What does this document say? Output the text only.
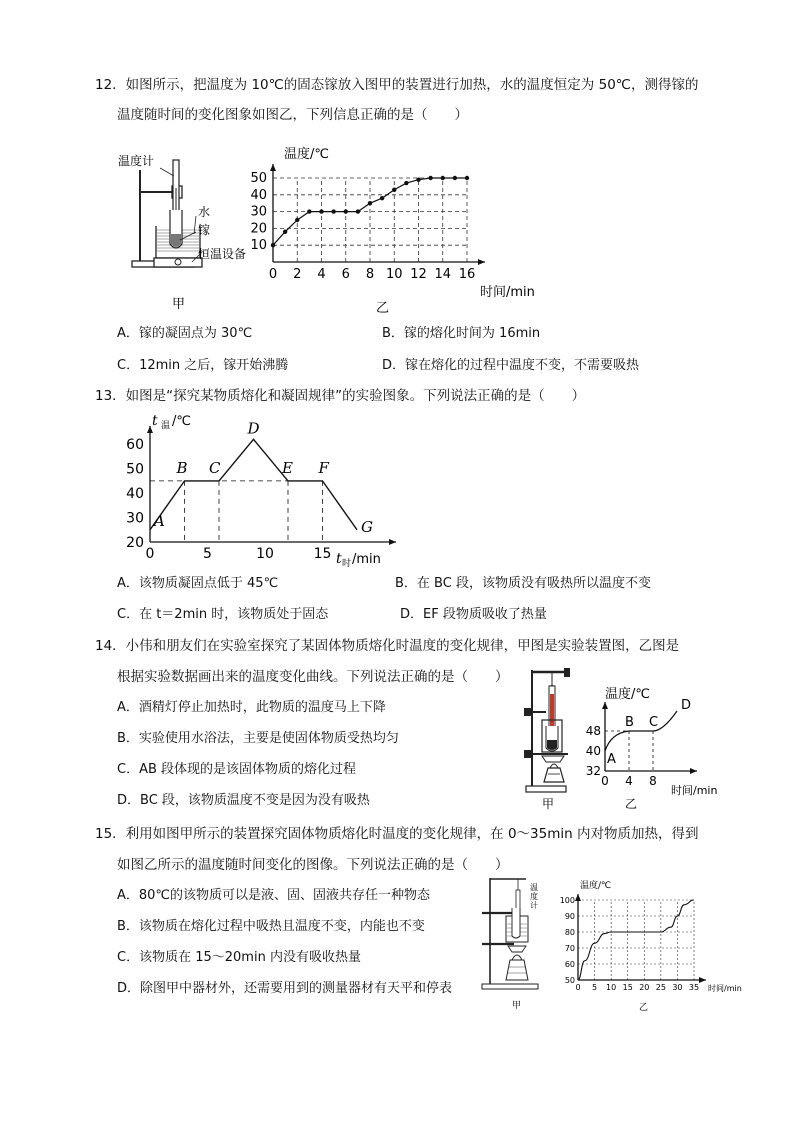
12．如图所示，把温度为 10℃的固态镓放入图甲的装置进行加热，水的温度恒定为 50℃，测得镓的
温度随时间的变化图象如图乙，下列信息正确的是（　　）
温度计
水
镓
恒温设备
甲
温度/℃
时间/min
乙
10
20
30
40
50
0 2 4 6 8 10 12 14 16
A．镓的凝固点为 30℃	B．镓的熔化时间为 16min
C．12min 之后，镓开始沸腾	D．镓在熔化的过程中温度不变，不需要吸热
13．如图是“探究某物质熔化和凝固规律”的实验图象。下列说法正确的是（　　）
t 温 /℃
t 时 /min
20
30
40
50
60
0	5	10	15
A
B C
D
E F
G
A．该物质凝固点低于 45℃	B．在 BC 段，该物质没有吸热所以温度不变
C．在 t＝2min 时，该物质处于固态	D．EF 段物质吸收了热量
14．小伟和朋友们在实验室探究了某固体物质熔化时温度的变化规律，甲图是实验装置图，乙图是
根据实验数据画出来的温度变化曲线。下列说法正确的是（　　）
A．酒精灯停止加热时，此物质的温度马上下降
B．实验使用水浴法，主要是使固体物质受热均匀
C．AB 段体现的是该固体物质的熔化过程
D．BC 段，该物质温度不变是因为没有吸热	甲
温度/℃
时间/min
乙
32
40
48
0 4 8
A
B C
D
15．利用如图甲所示的装置探究固体物质熔化时温度的变化规律，在 0～35min 内对物质加热，得到
如图乙所示的温度随时间变化的图像。下列说法正确的是（　　）
A．80℃的该物质可以是液、固、固液共存任一种物态
B．该物质在熔化过程中吸热且温度不变，内能也不变
C．该物质在 15～20min 内没有吸收热量
D．除图甲中器材外，还需要用到的测量器材有天平和停表
温
度
计
甲
温度/℃
时间/min
乙
50
60
70
80
90
100
0 5 10 15 20 25 30 35
